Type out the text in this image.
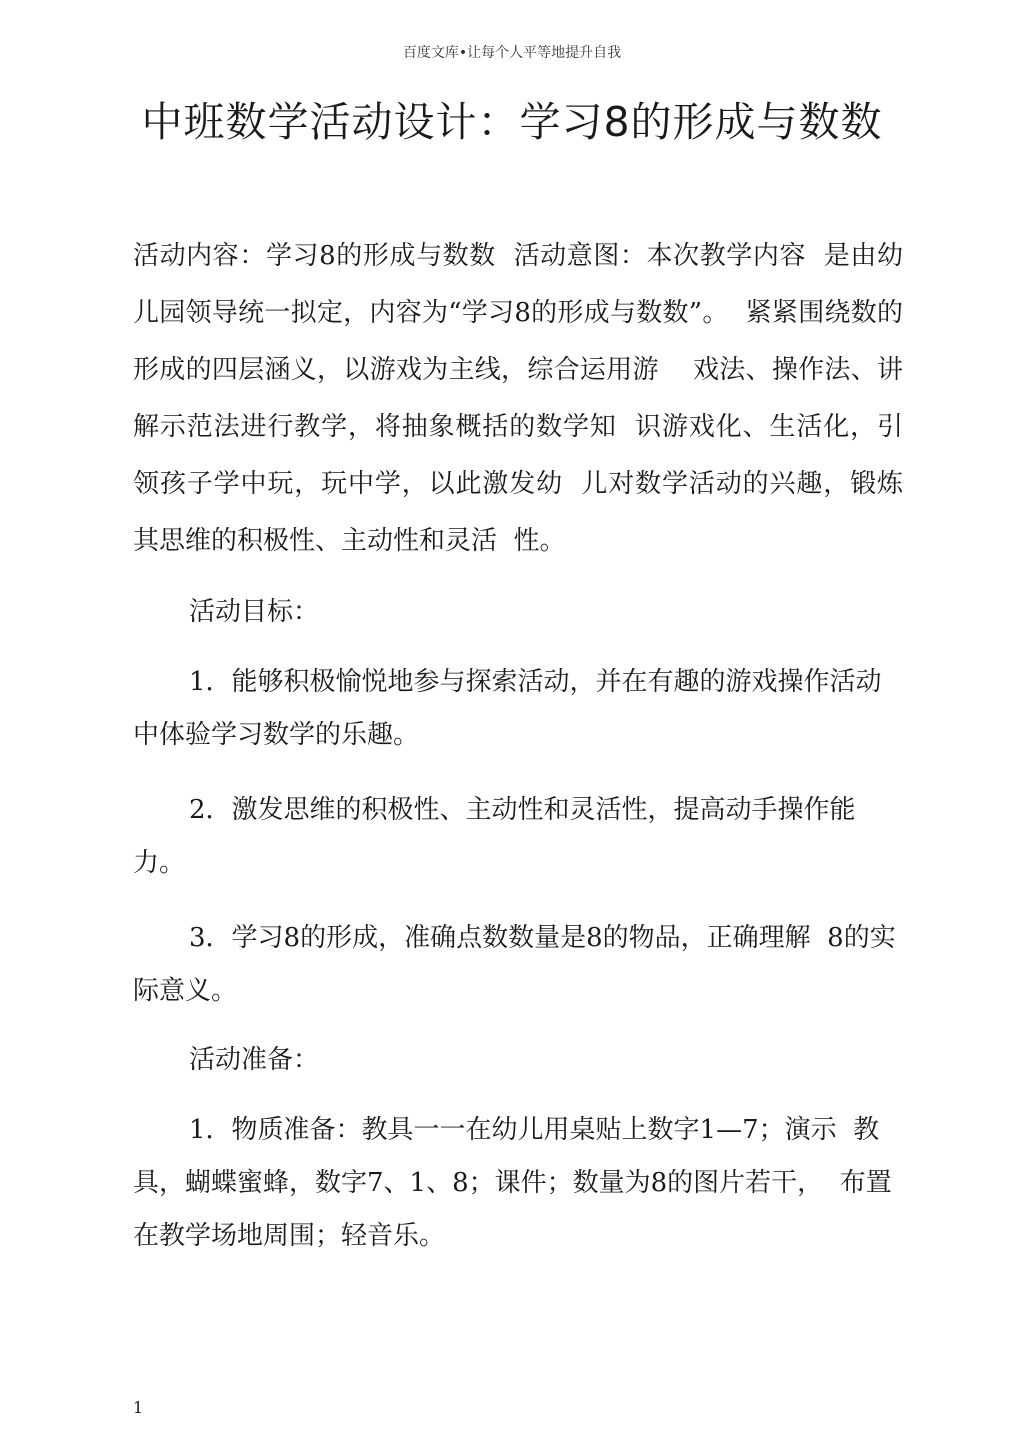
百度文库•让每个人平等地提升自我
中班数学活动设计：学习8的形成与数数

活动内容：学习8的形成与数数  活动意图：本次教学内容  是由幼儿园领导统一拟定，内容为“学习8的形成与数数”。  紧紧围绕数的形成的四层涵义，以游戏为主线，综合运用游    戏法、操作法、讲解示范法进行教学，将抽象概括的数学知  识游戏化、生活化，引领孩子学中玩，玩中学，以此激发幼  儿对数学活动的兴趣，锻炼其思维的积极性、主动性和灵活  性。

活动目标：

1．能够积极愉悦地参与探索活动，并在有趣的游戏操作活动中体验学习数学的乐趣。

2．激发思维的积极性、主动性和灵活性，提高动手操作能力。

3．学习8的形成，准确点数数量是8的物品，正确理解  8的实际意义。

活动准备：

1．物质准备：教具一一在幼儿用桌贴上数字1—7；演示  教具，蝴蝶蜜蜂，数字7、1、8；课件；数量为8的图片若干，  布置在教学场地周围；轻音乐。

1
